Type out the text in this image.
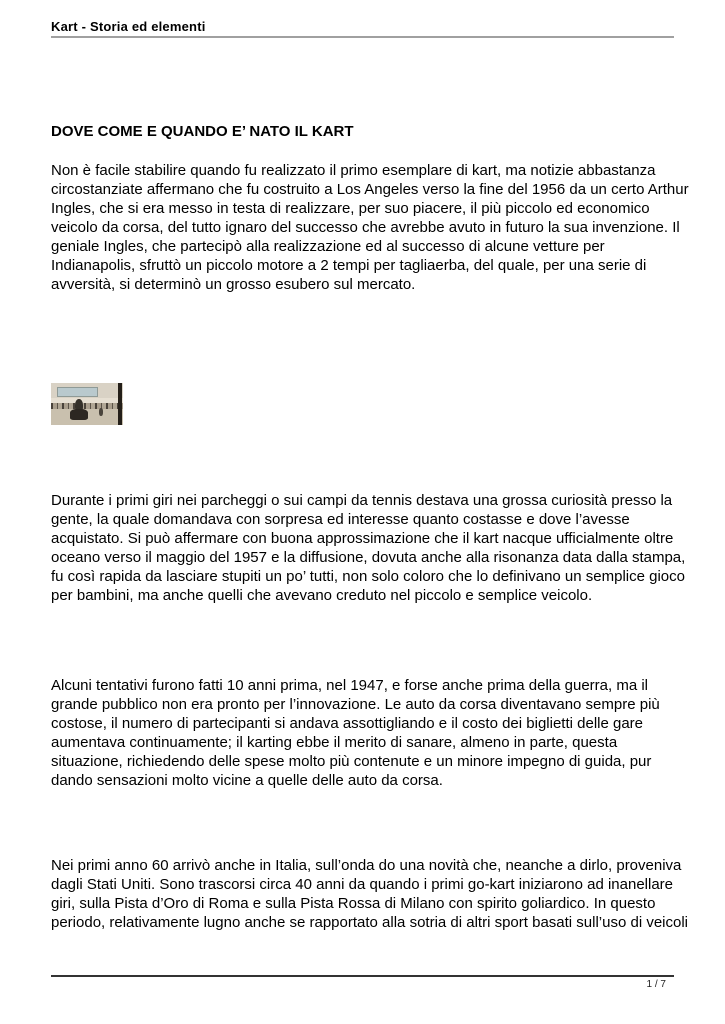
Kart - Storia ed elementi
DOVE COME E QUANDO E’ NATO IL KART

Non è facile stabilire quando fu realizzato il primo esemplare di kart, ma notizie abbastanza circostanziate affermano che fu costruito a Los Angeles verso la fine del 1956 da un certo Arthur Ingles, che si era messo in testa di realizzare, per suo piacere, il più piccolo ed economico veicolo da corsa, del tutto ignaro del successo che avrebbe avuto in futuro la sua invenzione. Il geniale Ingles, che partecipò alla realizzazione ed al successo di alcune vetture per Indianapolis, sfruttò un piccolo motore a 2 tempi per tagliaerba, del quale, per una serie di avversità, si determinò un grosso esubero sul mercato.

Durante i primi giri nei parcheggi o sui campi da tennis destava una grossa curiosità presso la gente, la quale domandava con sorpresa ed interesse quanto costasse e dove l’avesse acquistato. Si può affermare con buona approssimazione che il kart nacque ufficialmente oltre oceano verso il maggio del 1957 e la diffusione, dovuta anche alla risonanza data dalla stampa, fu così rapida da lasciare stupiti un po’ tutti, non solo coloro che lo definivano un semplice gioco per bambini, ma anche quelli che avevano creduto nel piccolo e semplice veicolo.

Alcuni tentativi furono fatti 10 anni prima, nel 1947, e forse anche prima della guerra, ma il grande pubblico non era pronto per l’innovazione. Le auto da corsa diventavano sempre più costose, il numero di partecipanti si andava assottigliando e il costo dei biglietti delle gare aumentava continuamente; il karting ebbe il merito di sanare, almeno in parte, questa situazione, richiedendo delle spese molto più contenute e un minore impegno di guida, pur dando sensazioni molto vicine a quelle delle auto da corsa.

Nei primi anno 60 arrivò anche in Italia, sull’onda do una novità che, neanche a dirlo, proveniva dagli Stati Uniti. Sono trascorsi circa 40 anni da quando i primi go-kart iniziarono ad inanellare giri, sulla Pista d’Oro di Roma e sulla Pista Rossa di Milano con spirito goliardico. In questo periodo, relativamente lugno anche se rapportato alla sotria di altri sport basati sull’uso di veicoli

1 / 7
